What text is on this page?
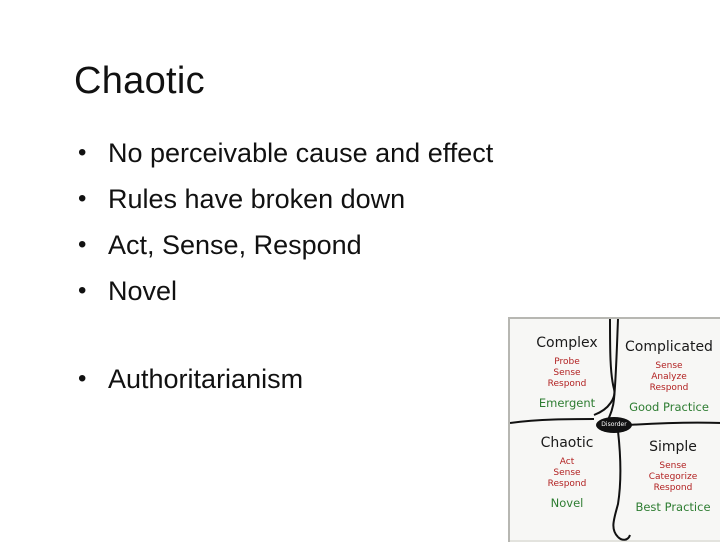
Chaotic
• No perceivable cause and effect
• Rules have broken down
• Act, Sense, Respond
• Novel
• Authoritarianism
Complex
Probe
Sense
Respond
Emergent
Complicated
Sense
Analyze
Respond
Good Practice
Disorder
Chaotic
Act
Sense
Respond
Novel
Simple
Sense
Categorize
Respond
Best Practice
